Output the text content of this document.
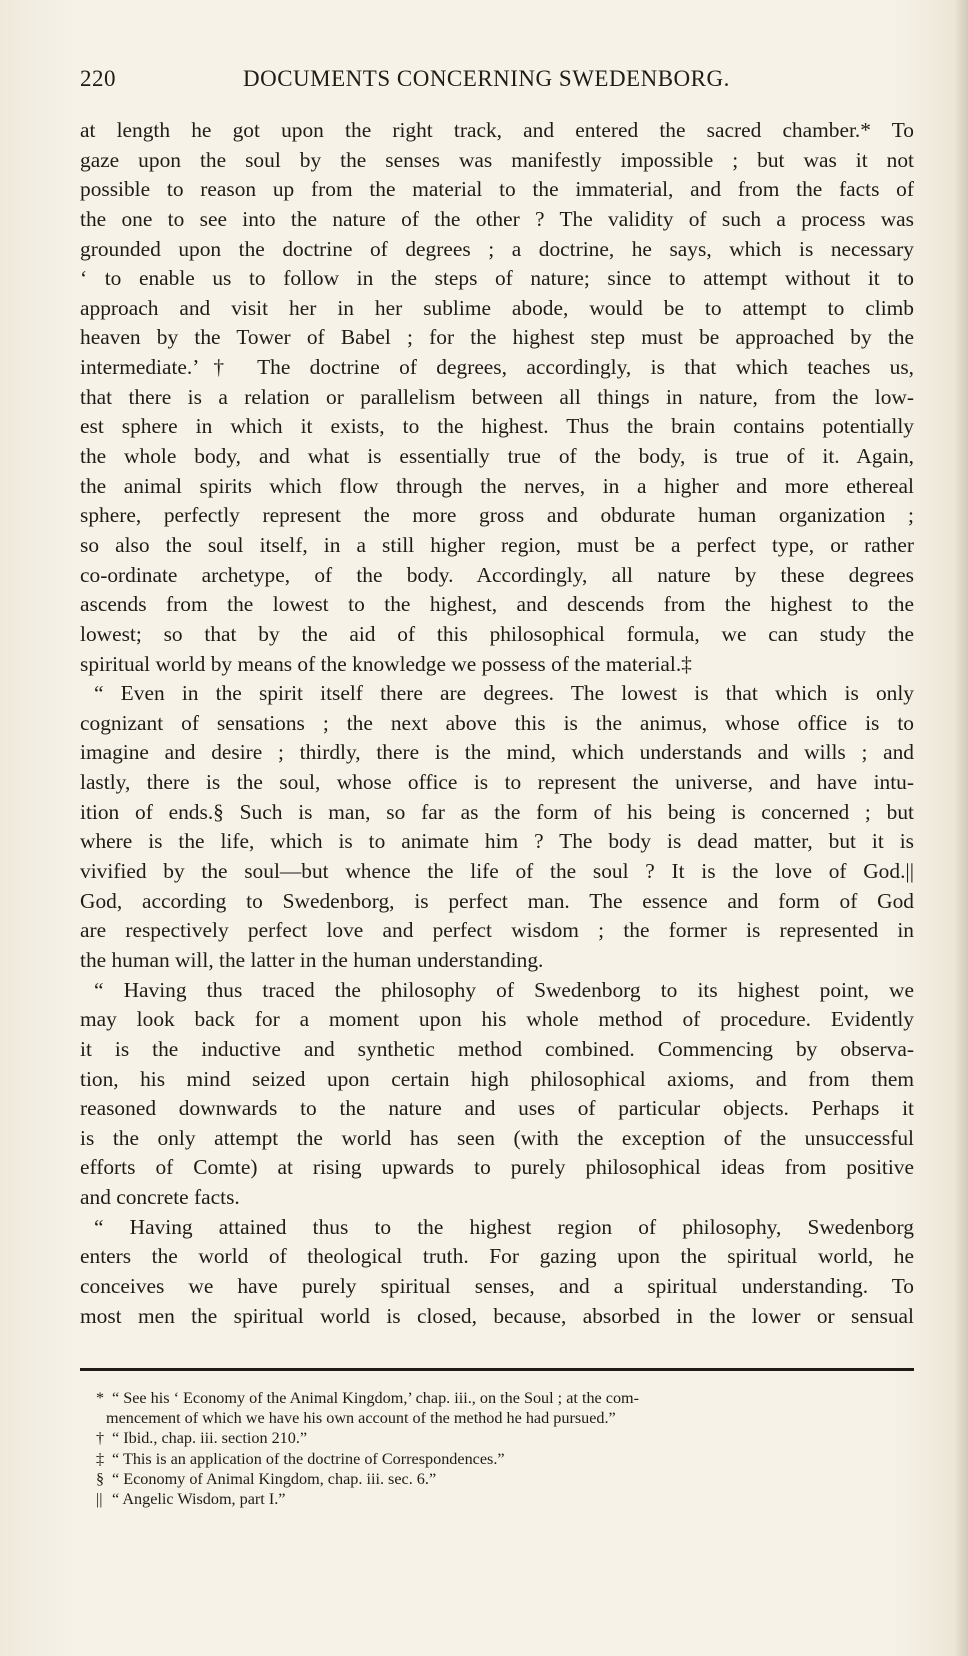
220	DOCUMENTS CONCERNING SWEDENBORG.
at length he got upon the right track, and entered the sacred chamber.* To
gaze upon the soul by the senses was manifestly impossible ; but was it not
possible to reason up from the material to the immaterial, and from the facts of
the one to see into the nature of the other ? The validity of such a process was
grounded upon the doctrine of degrees ; a doctrine, he says, which is necessary
‘ to enable us to follow in the steps of nature; since to attempt without it to
approach and visit her in her sublime abode, would be to attempt to climb
heaven by the Tower of Babel ; for the highest step must be approached by the
intermediate.’† The doctrine of degrees, accordingly, is that which teaches us,
that there is a relation or parallelism between all things in nature, from the low-
est sphere in which it exists, to the highest. Thus the brain contains potentially
the whole body, and what is essentially true of the body, is true of it. Again,
the animal spirits which flow through the nerves, in a higher and more ethereal
sphere, perfectly represent the more gross and obdurate human organization ;
so also the soul itself, in a still higher region, must be a perfect type, or rather
co-ordinate archetype, of the body. Accordingly, all nature by these degrees
ascends from the lowest to the highest, and descends from the highest to the
lowest; so that by the aid of this philosophical formula, we can study the
spiritual world by means of the knowledge we possess of the material.‡
“ Even in the spirit itself there are degrees. The lowest is that which is only
cognizant of sensations ; the next above this is the animus, whose office is to
imagine and desire ; thirdly, there is the mind, which understands and wills ; and
lastly, there is the soul, whose office is to represent the universe, and have intu-
ition of ends.§ Such is man, so far as the form of his being is concerned ; but
where is the life, which is to animate him ? The body is dead matter, but it is
vivified by the soul—but whence the life of the soul ? It is the love of God.||
God, according to Swedenborg, is perfect man. The essence and form of God
are respectively perfect love and perfect wisdom ; the former is represented in
the human will, the latter in the human understanding.
“ Having thus traced the philosophy of Swedenborg to its highest point, we
may look back for a moment upon his whole method of procedure. Evidently
it is the inductive and synthetic method combined. Commencing by observa-
tion, his mind seized upon certain high philosophical axioms, and from them
reasoned downwards to the nature and uses of particular objects. Perhaps it
is the only attempt the world has seen (with the exception of the unsuccessful
efforts of Comte) at rising upwards to purely philosophical ideas from positive
and concrete facts.
“ Having attained thus to the highest region of philosophy, Swedenborg
enters the world of theological truth. For gazing upon the spiritual world, he
conceives we have purely spiritual senses, and a spiritual understanding. To
most men the spiritual world is closed, because, absorbed in the lower or sensual
* “ See his ‘ Economy of the Animal Kingdom,’ chap. iii., on the Soul ; at the com-
mencement of which we have his own account of the method he had pursued.”
† “ Ibid., chap. iii. section 210.”
‡ “ This is an application of the doctrine of Correspondences.”
§ “ Economy of Animal Kingdom, chap. iii. sec. 6.”
|| “ Angelic Wisdom, part I.”
